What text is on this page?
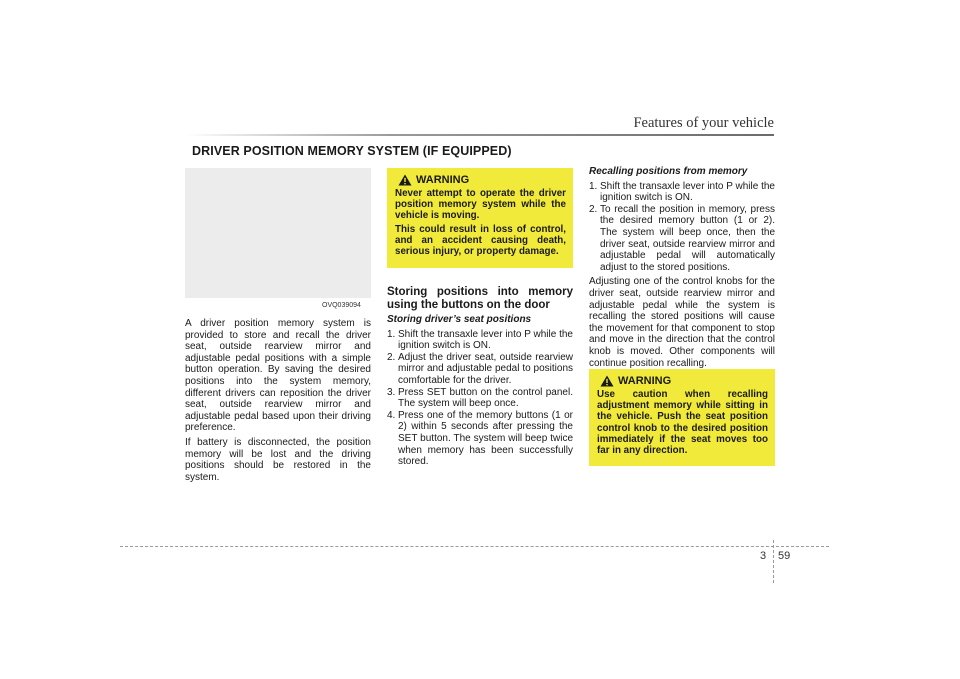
Features of your vehicle
DRIVER POSITION MEMORY SYSTEM (IF EQUIPPED)
OVQ039094

A driver position memory system is provided to store and recall the driver seat, outside rearview mirror and adjustable pedal positions with a simple button operation. By saving the desired positions into the system memory, different drivers can reposition the driver seat, outside rearview mirror and adjustable pedal based upon their driving preference.

If battery is disconnected, the position memory will be lost and the driving positions should be restored in the system.

WARNING

Never attempt to operate the driver position memory system while the vehicle is moving.

This could result in loss of control, and an accident causing death, serious injury, or property damage.

Storing positions into memory using the buttons on the door

Storing driver’s seat positions

1. Shift the transaxle lever into P while the ignition switch is ON.
2. Adjust the driver seat, outside rearview mirror and adjustable pedal to positions comfortable for the driver.
3. Press SET button on the control panel. The system will beep once.
4. Press one of the memory buttons (1 or 2) within 5 seconds after pressing the SET button. The system will beep twice when memory has been successfully stored.

Recalling positions from memory

1. Shift the transaxle lever into P while the ignition switch is ON.
2. To recall the position in memory, press the desired memory button (1 or 2). The system will beep once, then the driver seat, outside rearview mirror and adjustable pedal will automatically adjust to the stored positions.

Adjusting one of the control knobs for the driver seat, outside rearview mirror and adjustable pedal while the system is recalling the stored positions will cause the movement for that component to stop and move in the direction that the control knob is moved. Other components will continue position recalling.

WARNING

Use caution when recalling adjustment memory while sitting in the vehicle. Push the seat position control knob to the desired position immediately if the seat moves too far in any direction.

3 59
